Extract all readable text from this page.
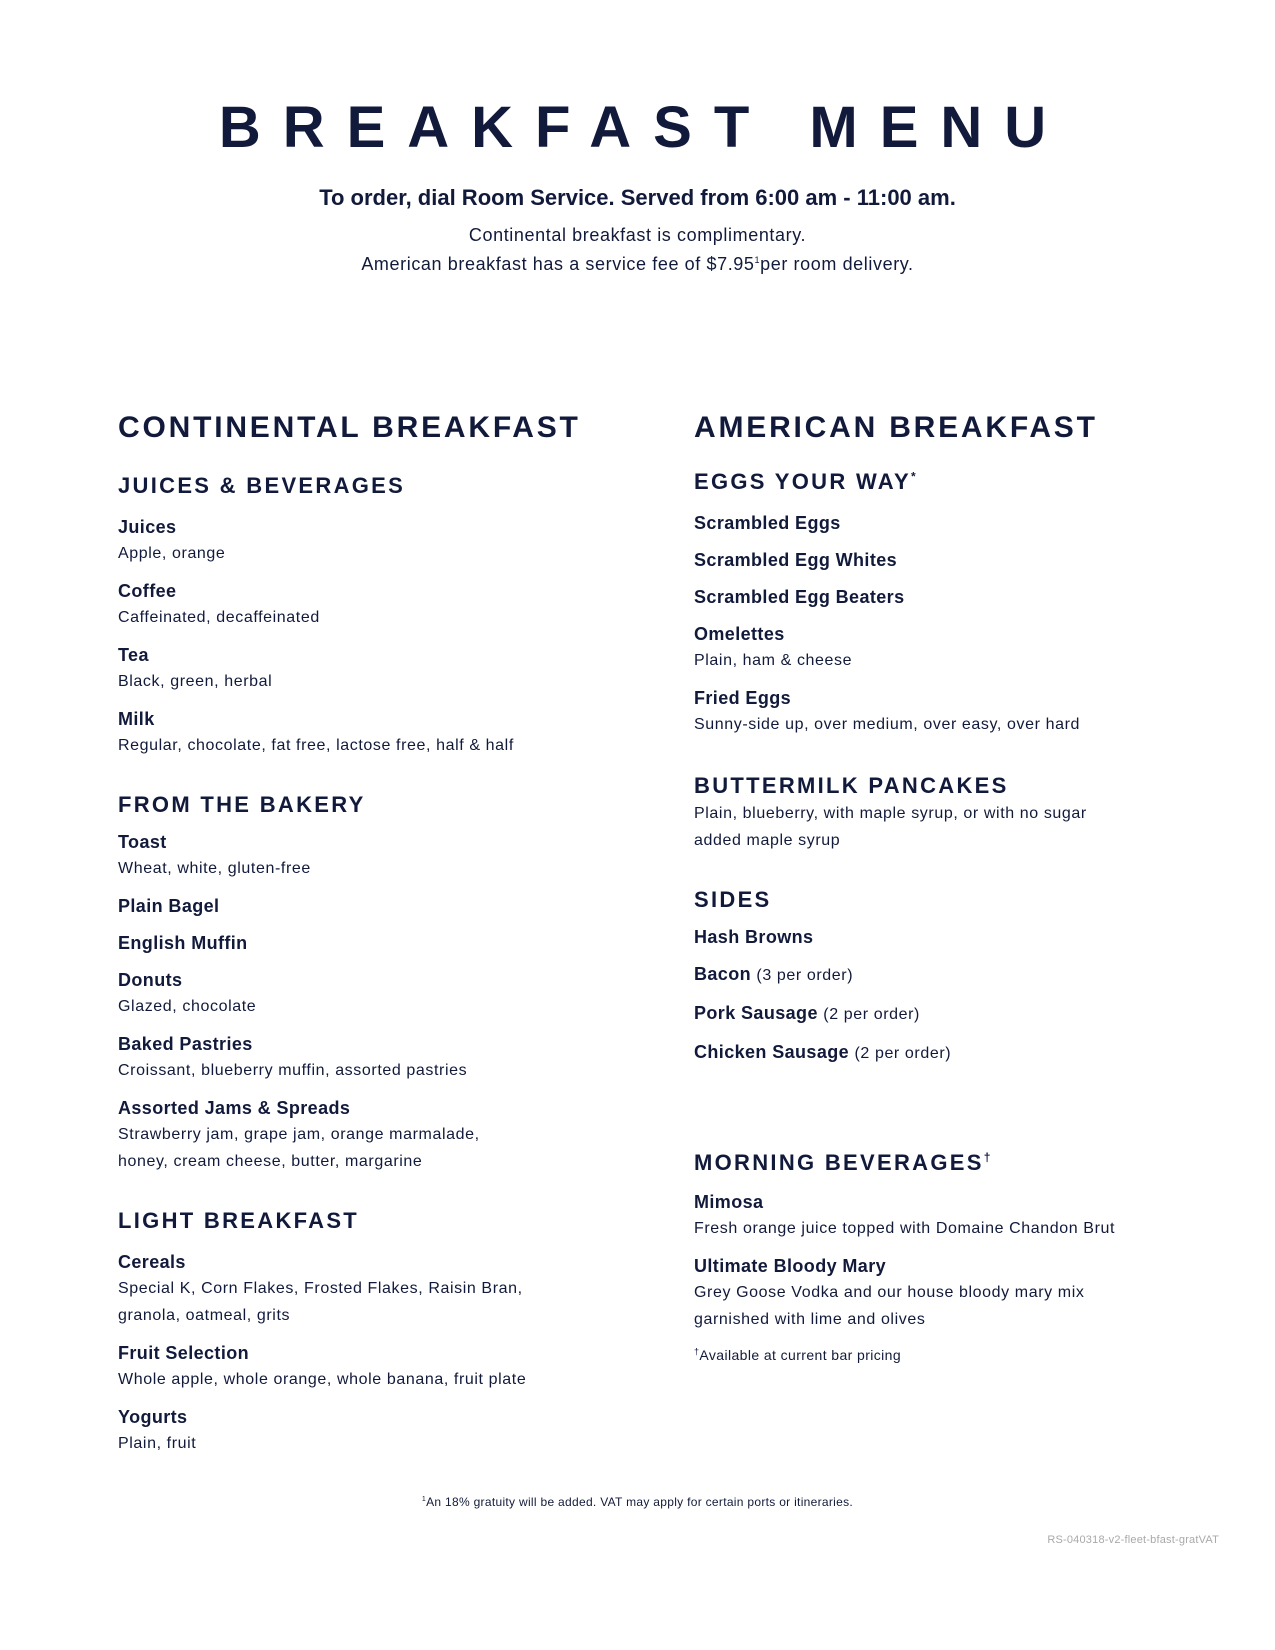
BREAKFAST MENU
To order, dial Room Service. Served from 6:00 am - 11:00 am.
Continental breakfast is complimentary.
American breakfast has a service fee of $7.95$^1$per room delivery.
CONTINENTAL BREAKFAST
JUICES & BEVERAGES
Juices
Apple, orange
Coffee
Caffeinated, decaffeinated
Tea
Black, green, herbal
Milk
Regular, chocolate, fat free, lactose free, half & half
FROM THE BAKERY
Toast
Wheat, white, gluten-free
Plain Bagel
English Muffin
Donuts
Glazed, chocolate
Baked Pastries
Croissant, blueberry muffin, assorted pastries
Assorted Jams & Spreads
Strawberry jam, grape jam, orange marmalade,
honey, cream cheese, butter, margarine
LIGHT BREAKFAST
Cereals
Special K, Corn Flakes, Frosted Flakes, Raisin Bran,
granola, oatmeal, grits
Fruit Selection
Whole apple, whole orange, whole banana, fruit plate
Yogurts
Plain, fruit
AMERICAN BREAKFAST
EGGS YOUR WAY*
Scrambled Eggs
Scrambled Egg Whites
Scrambled Egg Beaters
Omelettes
Plain, ham & cheese
Fried Eggs
Sunny-side up, over medium, over easy, over hard
BUTTERMILK PANCAKES
Plain, blueberry, with maple syrup, or with no sugar
added maple syrup
SIDES
Hash Browns
Bacon (3 per order)
Pork Sausage (2 per order)
Chicken Sausage (2 per order)
MORNING BEVERAGES†
Mimosa
Fresh orange juice topped with Domaine Chandon Brut
Ultimate Bloody Mary
Grey Goose Vodka and our house bloody mary mix
garnished with lime and olives
†Available at current bar pricing
$^1$An 18% gratuity will be added. VAT may apply for certain ports or itineraries.
RS-040318-v2-fleet-bfast-gratVAT
